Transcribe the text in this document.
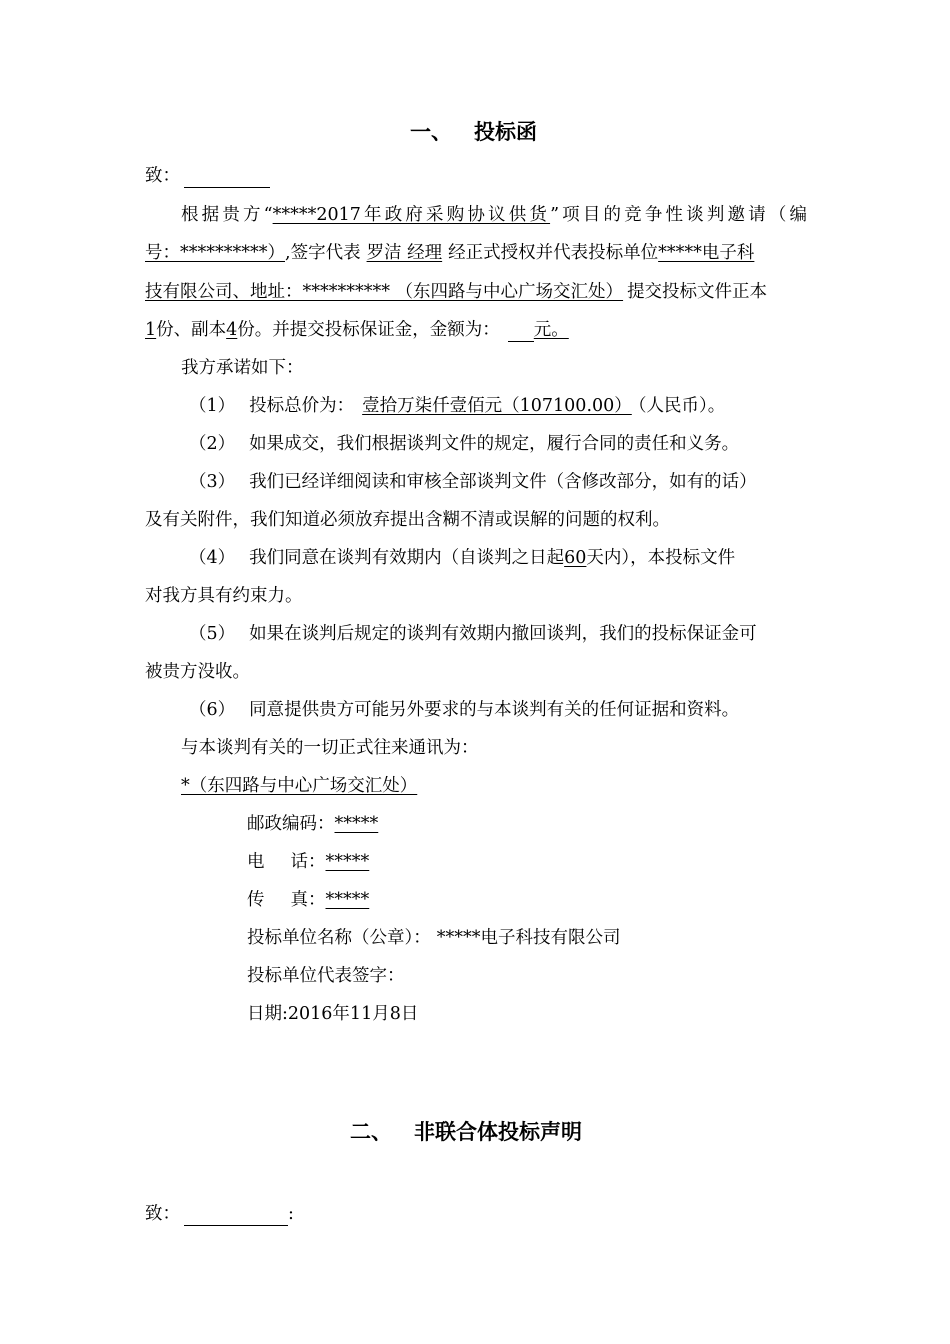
一、 投标函
致：
根据贵方“*****2017年政府采购协议供货”项目的竞争性谈判邀请（编
号：**********）,签字代表 罗洁 经理 经正式授权并代表投标单位*****电子科
技有限公司、地址：********** （东四路与中心广场交汇处） 提交投标文件正本
1份、副本4份。并提交投标保证金，金额为： 元。
我方承诺如下：
（1） 投标总价为： 壹拾万柒仟壹佰元（107100.00） （人民币）。
（2） 如果成交，我们根据谈判文件的规定，履行合同的责任和义务。
（3） 我们已经详细阅读和审核全部谈判文件（含修改部分，如有的话）
及有关附件，我们知道必须放弃提出含糊不清或误解的问题的权利。
（4） 我们同意在谈判有效期内（自谈判之日起60天内），本投标文件
对我方具有约束力。
（5） 如果在谈判后规定的谈判有效期内撤回谈判，我们的投标保证金可
被贵方没收。
（6） 同意提供贵方可能另外要求的与本谈判有关的任何证据和资料。
与本谈判有关的一切正式往来通讯为：
*（东四路与中心广场交汇处）
邮政编码：*****
电 话：*****
传 真：*****
投标单位名称（公章）： *****电子科技有限公司
投标单位代表签字：
日期:2016年11月8日
二、 非联合体投标声明
致：	:
